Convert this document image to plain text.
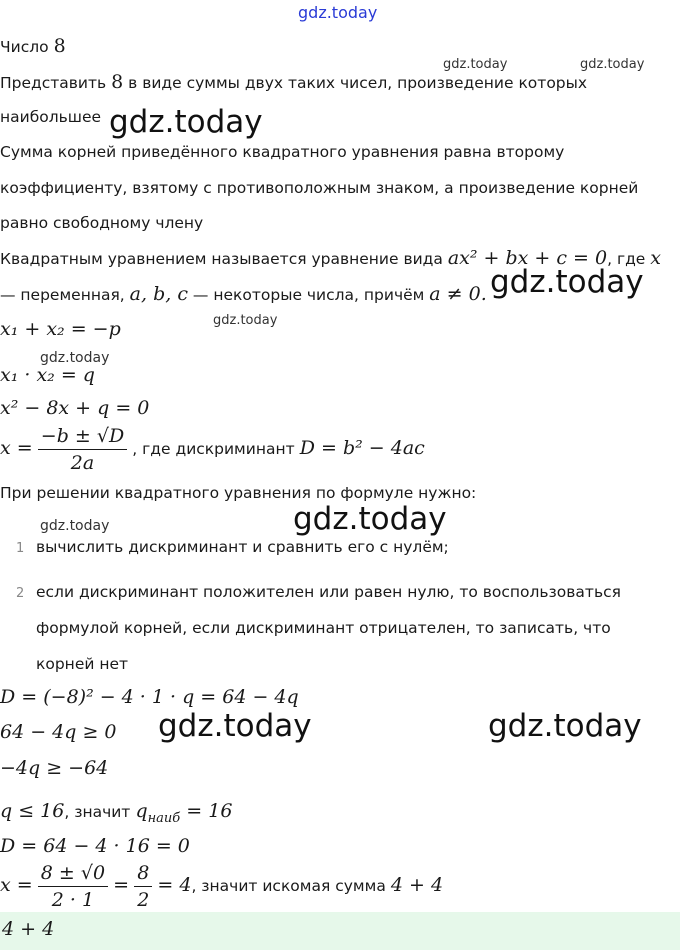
gdz.today
gdz.today	gdz.today
gdz.today
gdz.today
gdz.today
gdz.today
gdz.today	gdz.today
gdz.today	gdz.today
Число 8
Представить 8 в виде суммы двух таких чисел, произведение которых
наибольшее
Сумма корней приведённого квадратного уравнения равна второму
коэффициенту, взятому с противоположным знаком, а произведение корней
равно свободному члену
Квадратным уравнением называется уравнение вида ax² + bx + c = 0, где x
— переменная, a, b, c — некоторые числа, причём a ≠ 0.
x₁ + x₂ = −p
x₁ · x₂ = q
x² − 8x + q = 0
$x = \frac{-b \pm √D}{2a}$ , где дискриминант D = b² − 4ac
При решении квадратного уравнения по формуле нужно:
1 вычислить дискриминант и сравнить его с нулём;
2 если дискриминант положителен или равен нулю, то воспользоваться
формулой корней, если дискриминант отрицателен, то записать, что
корней нет
D = (−8)² − 4 · 1 · q = 64 − 4q
64 − 4q ≥ 0
−4q ≥ −64
q ≤ 16, значит $q_{наиб} = 16$
D = 64 − 4 · 16 = 0
$x = \frac{8 \pm √0}{2 \cdot 1} = \frac{8}{2} = 4$, значит искомая сумма 4 + 4
4 + 4
